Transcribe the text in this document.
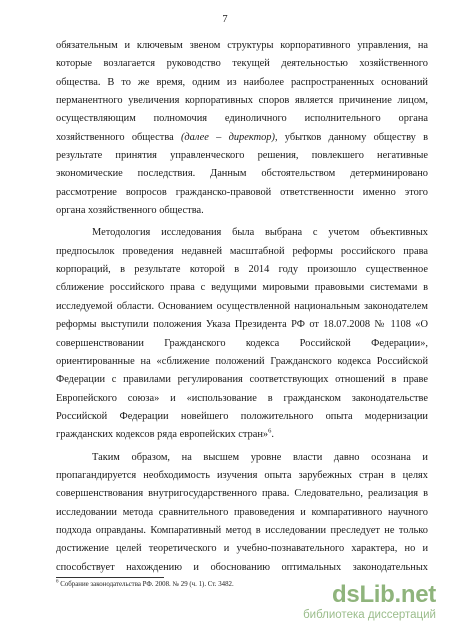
7
обязательным и ключевым звеном структуры корпоративного управления, на
которые возлагается руководство текущей деятельностью хозяйственного
общества. В то же время, одним из наиболее распространенных оснований
перманентного увеличения корпоративных споров является причинение лицом,
осуществляющим полномочия единоличного исполнительного органа
хозяйственного общества (далее – директор), убытков данному обществу в
результате принятия управленческого решения, повлекшего негативные
экономические последствия. Данным обстоятельством детерминировано
рассмотрение вопросов гражданско-правовой ответственности именно этого
органа хозяйственного общества.
Методология исследования была выбрана с учетом объективных
предпосылок проведения недавней масштабной реформы российского права
корпораций, в результате которой в 2014 году произошло существенное
сближение российского права с ведущими мировыми правовыми системами в
исследуемой области. Основанием осуществленной национальным законодателем
реформы выступили положения Указа Президента РФ от 18.07.2008 № 1108 «О
совершенствовании Гражданского кодекса Российской Федерации»,
ориентированные на «сближение положений Гражданского кодекса Российской
Федерации с правилами регулирования соответствующих отношений в праве
Европейского союза» и «использование в гражданском законодательстве
Российской Федерации новейшего положительного опыта модернизации
гражданских кодексов ряда европейских стран»$^6$.
Таким образом, на высшем уровне власти давно осознана и
пропагандируется необходимость изучения опыта зарубежных стран в целях
совершенствования внутригосударственного права. Следовательно, реализация в
исследовании метода сравнительного правоведения и компаративного научного
подхода оправданы. Компаративный метод в исследовании преследует не только
достижение целей теоретического и учебно-познавательного характера, но и
способствует нахождению и обоснованию оптимальных законодательных
$^6$ Собрание законодательства РФ. 2008. № 29 (ч. 1). Ст. 3482.	dsLib.net
библиотека диссертаций
